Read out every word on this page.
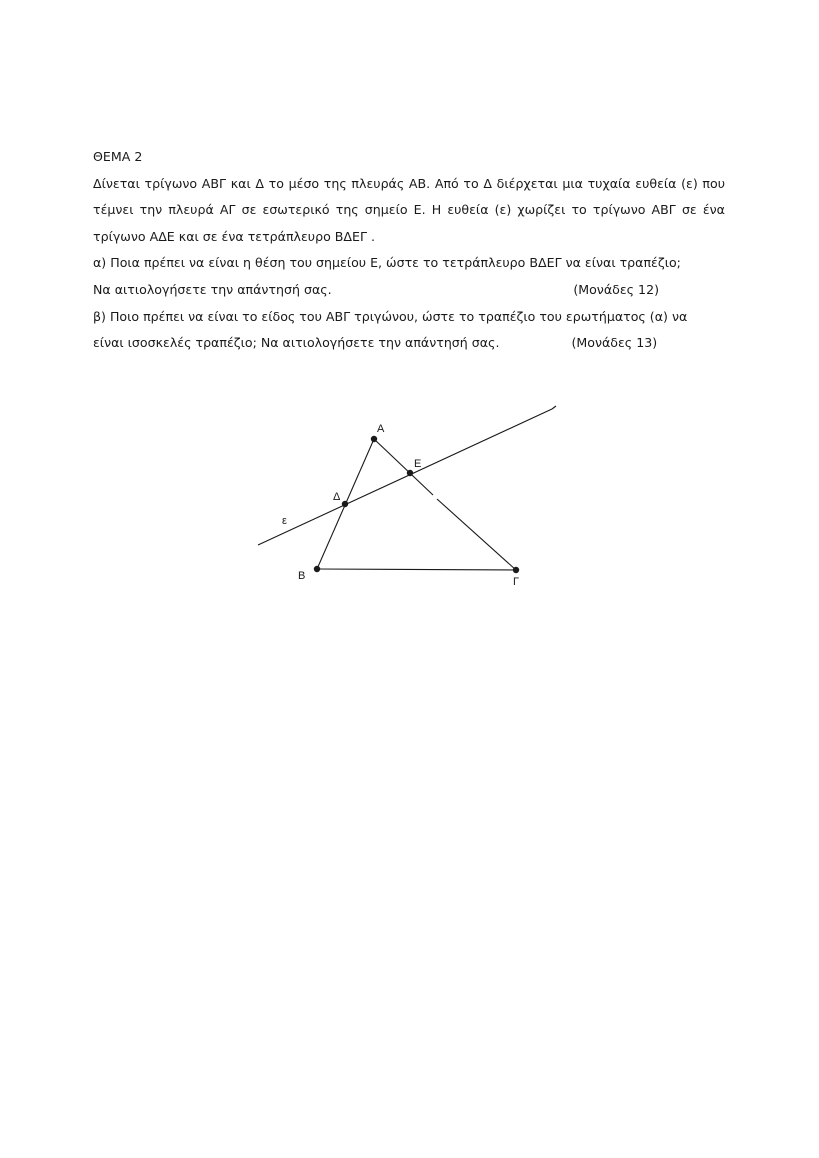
ΘΕΜΑ 2

Δίνεται τρίγωνο ΑΒΓ και Δ το μέσο της πλευράς ΑΒ. Από το Δ διέρχεται μια τυχαία ευθεία (ε) που τέμνει την πλευρά ΑΓ σε εσωτερικό της σημείο Ε. Η ευθεία (ε) χωρίζει το τρίγωνο ΑΒΓ σε ένα τρίγωνο ΑΔΕ και σε ένα τετράπλευρο ΒΔΕΓ .

α) Ποια πρέπει να είναι η θέση του σημείου Ε, ώστε το τετράπλευρο ΒΔΕΓ να είναι τραπέζιο;

Να αιτιολογήσετε την απάντησή σας.	(Μονάδες 12)

β) Ποιο πρέπει να είναι το είδος του ΑΒΓ τριγώνου, ώστε το τραπέζιο του ερωτήματος (α) να

είναι ισοσκελές τραπέζιο; Να αιτιολογήσετε την απάντησή σας.	(Μονάδες 13)
Α
Ε
Δ
ε
Β	Γ
